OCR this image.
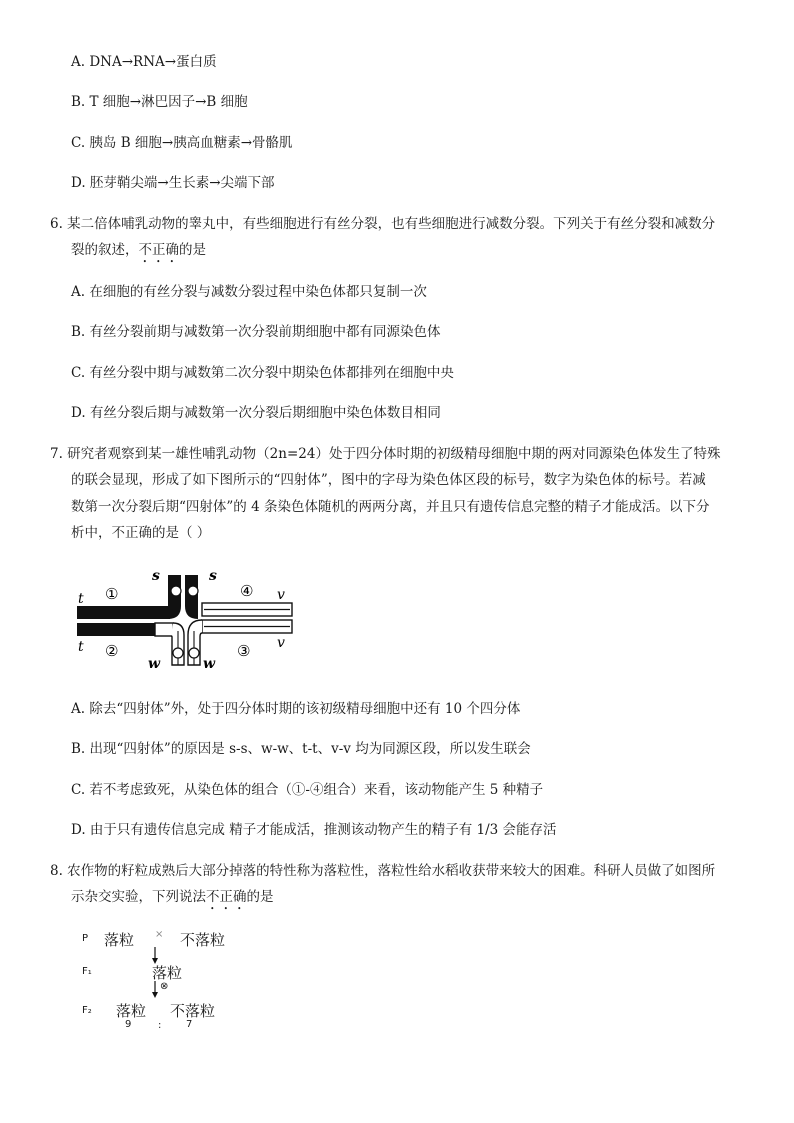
A. DNA→RNA→蛋白质
B. T 细胞→淋巴因子→B 细胞
C. 胰岛 B 细胞→胰高血糖素→骨骼肌
D. 胚芽鞘尖端→生长素→尖端下部
6. 某二倍体哺乳动物的睾丸中，有些细胞进行有丝分裂，也有些细胞进行减数分裂。下列关于有丝分裂和减数分
裂的叙述，不正确的是
A. 在细胞的有丝分裂与减数分裂过程中染色体都只复制一次
B. 有丝分裂前期与减数第一次分裂前期细胞中都有同源染色体
C. 有丝分裂中期与减数第二次分裂中期染色体都排列在细胞中央
D. 有丝分裂后期与减数第一次分裂后期细胞中染色体数目相同
7. 研究者观察到某一雄性哺乳动物（2n=24）处于四分体时期的初级精母细胞中期的两对同源染色体发生了特殊
的联会显现，形成了如下图所示的“四射体”，图中的字母为染色体区段的标号，数字为染色体的标号。若减
数第一次分裂后期“四射体”的 4 条染色体随机的两两分离，并且只有遗传信息完整的精子才能成活。以下分
析中，不正确的是（ ）
s	s
t
t
v
v
w	w
①
②	③
④
A. 除去“四射体”外，处于四分体时期的该初级精母细胞中还有 10 个四分体
B. 出现“四射体”的原因是 s-s、w-w、t-t、v-v 均为同源区段，所以发生联会
C. 若不考虑致死，从染色体的组合（①-④组合）来看，该动物能产生 5 种精子
D. 由于只有遗传信息完成 精子才能成活，推测该动物产生的精子有 1/3 会能存活
8. 农作物的籽粒成熟后大部分掉落的特性称为落粒性，落粒性给水稻收获带来较大的困难。科研人员做了如图所
示杂交实验，下列说法不正确的是
P 落粒 × 不落粒
F₁	落粒
⊗
F₂ 落粒 不落粒
9	: 7
